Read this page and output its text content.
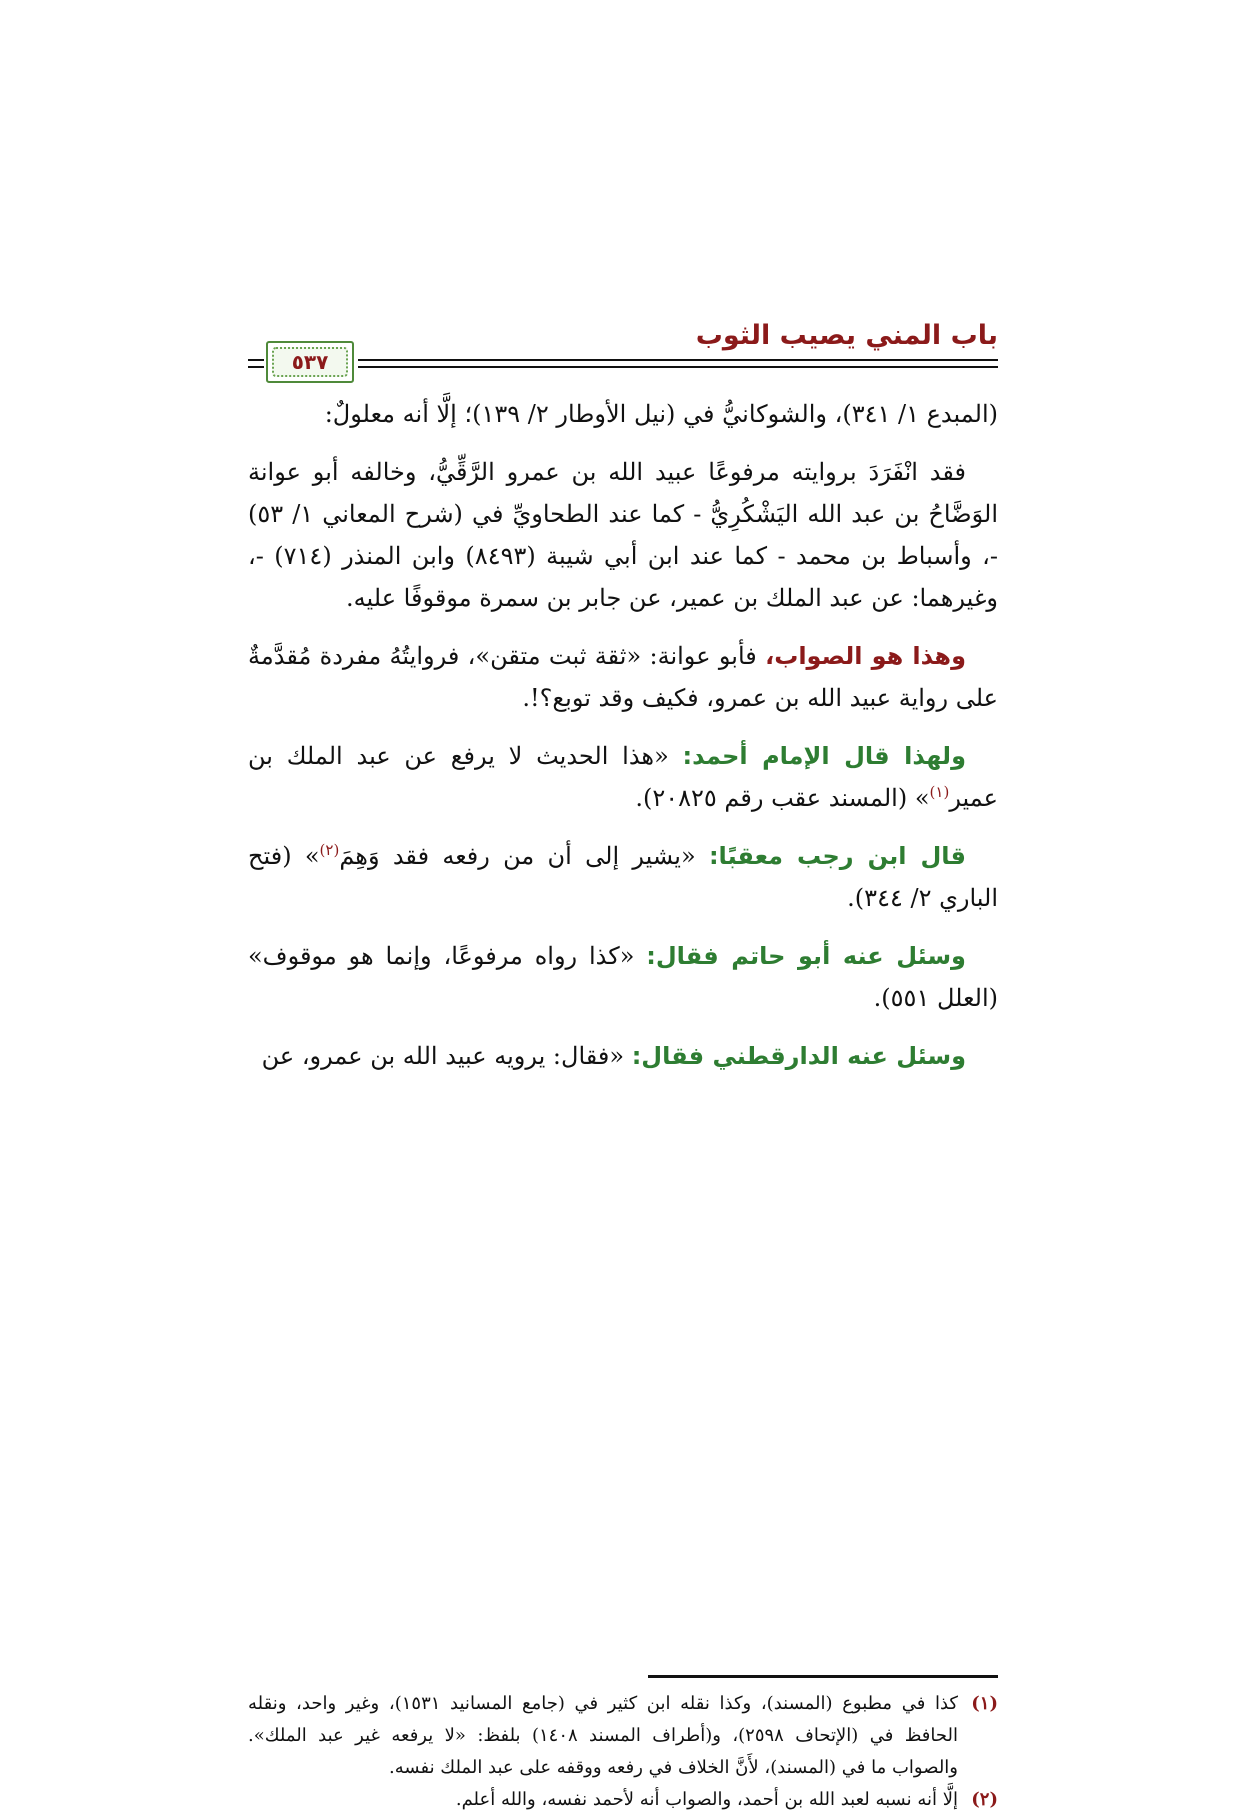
باب المني يصيب الثوب
٥٣٧

(المبدع ١/ ٣٤١)، والشوكانيُّ في (نيل الأوطار ٢/ ١٣٩)؛ إلَّا أنه معلولٌ:

فقد انْفَرَدَ بروايته مرفوعًا عبيد الله بن عمرو الرَّقِّيُّ، وخالفه أبو عوانة الوَضَّاحُ بن عبد الله اليَشْكُرِيُّ - كما عند الطحاويِّ في (شرح المعاني ١/ ٥٣) -، وأسباط بن محمد - كما عند ابن أبي شيبة (٨٤٩٣) وابن المنذر (٧١٤) -، وغيرهما: عن عبد الملك بن عمير، عن جابر بن سمرة موقوفًا عليه.

وهذا هو الصواب، فأبو عوانة: «ثقة ثبت متقن»، فروايتُهُ مفردة مُقدَّمةٌ على رواية عبيد الله بن عمرو، فكيف وقد توبع؟!.

ولهذا قال الإمام أحمد: «هذا الحديث لا يرفع عن عبد الملك بن عمير$^{(١)}$» (المسند عقب رقم ٢٠٨٢٥).

قال ابن رجب معقبًا: «يشير إلى أن من رفعه فقد وَهِمَ$^{(٢)}$» (فتح الباري ٢/ ٣٤٤).

وسئل عنه أبو حاتم فقال: «كذا رواه مرفوعًا، وإنما هو موقوف» (العلل ٥٥١).

وسئل عنه الدارقطني فقال: «فقال: يرويه عبيد الله بن عمرو، عن

(١)
كذا في مطبوع (المسند)، وكذا نقله ابن كثير في (جامع المسانيد ١٥٣١)، وغير واحد، ونقله الحافظ في (الإتحاف ٢٥٩٨)، و(أطراف المسند ١٤٠٨) بلفظ: «لا يرفعه غير عبد الملك». والصواب ما في (المسند)، لأَنَّ الخلاف في رفعه ووقفه على عبد الملك نفسه.

(٢)
إلَّا أنه نسبه لعبد الله بن أحمد، والصواب أنه لأحمد نفسه، والله أعلم.
